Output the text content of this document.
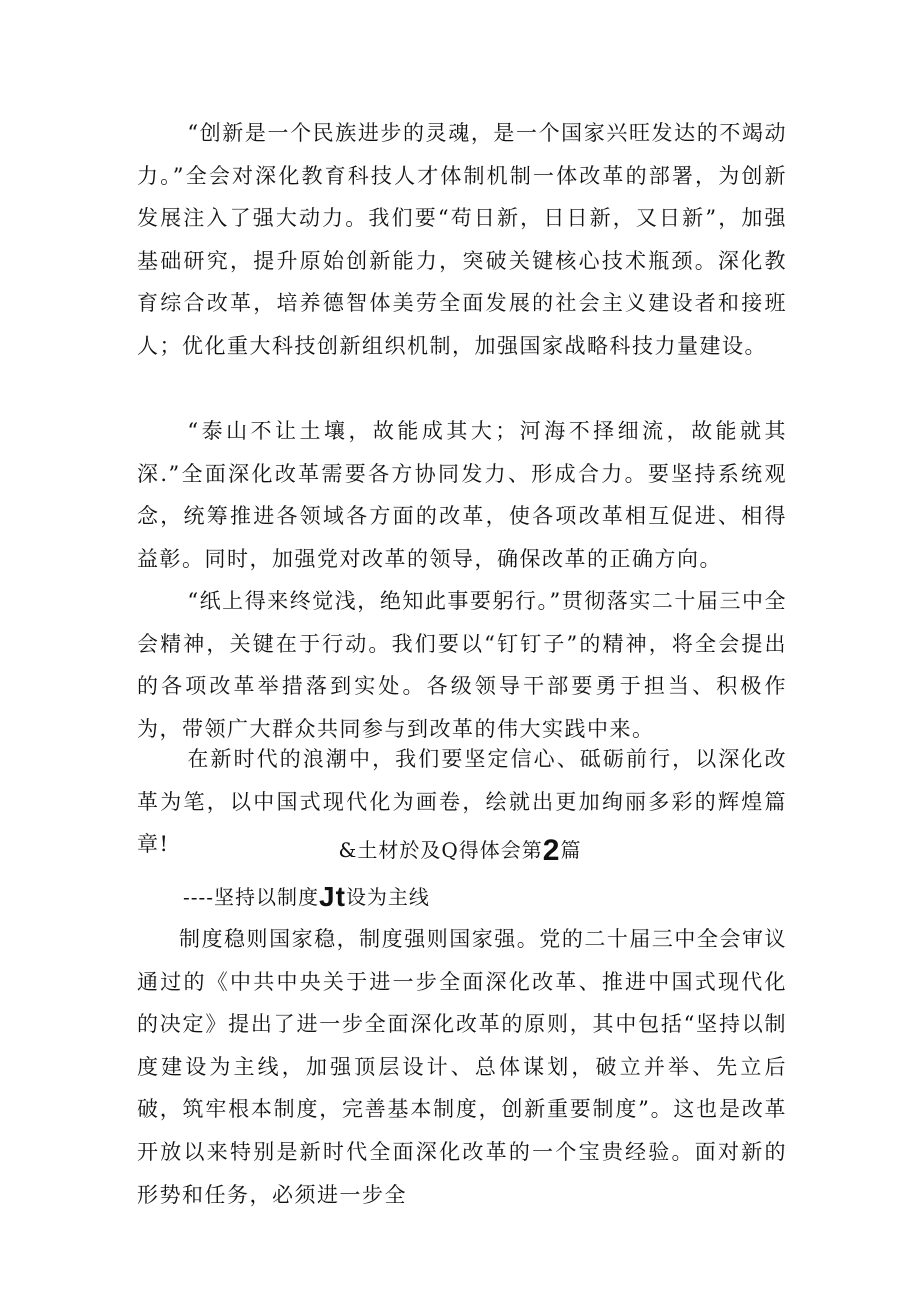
“创新是一个民族进步的灵魂，是一个国家兴旺发达的不竭动力。”全会对深化教育科技人才体制机制一体改革的部署，为创新发展注入了强大动力。我们要“苟日新，日日新，又日新”，加强基础研究，提升原始创新能力，突破关键核心技术瓶颈。深化教育综合改革，培养德智体美劳全面发展的社会主义建设者和接班人；优化重大科技创新组织机制，加强国家战略科技力量建设。

“泰山不让土壤，故能成其大；河海不择细流，故能就其深.”全面深化改革需要各方协同发力、形成合力。要坚持系统观念，统筹推进各领域各方面的改革，使各项改革相互促进、相得益彰。同时，加强党对改革的领导，确保改革的正确方向。

“纸上得来终觉浅，绝知此事要躬行。”贯彻落实二十届三中全会精神，关键在于行动。我们要以“钉钉子”的精神，将全会提出的各项改革举措落到实处。各级领导干部要勇于担当、积极作为，带领广大群众共同参与到改革的伟大实践中来。

在新时代的浪潮中，我们要坚定信心、砥砺前行，以深化改革为笔，以中国式现代化为画卷，绘就出更加绚丽多彩的辉煌篇章!	&土材於及Q得体会第2篇
----坚持以制度Jt设为主线

制度稳则国家稳，制度强则国家强。党的二十届三中全会审议通过的《中共中央关于进一步全面深化改革、推进中国式现代化的决定》提出了进一步全面深化改革的原则，其中包括“坚持以制度建设为主线，加强顶层设计、总体谋划，破立并举、先立后破，筑牢根本制度，完善基本制度，创新重要制度”。这也是改革开放以来特别是新时代全面深化改革的一个宝贵经验。面对新的形势和任务，必须进一步全
